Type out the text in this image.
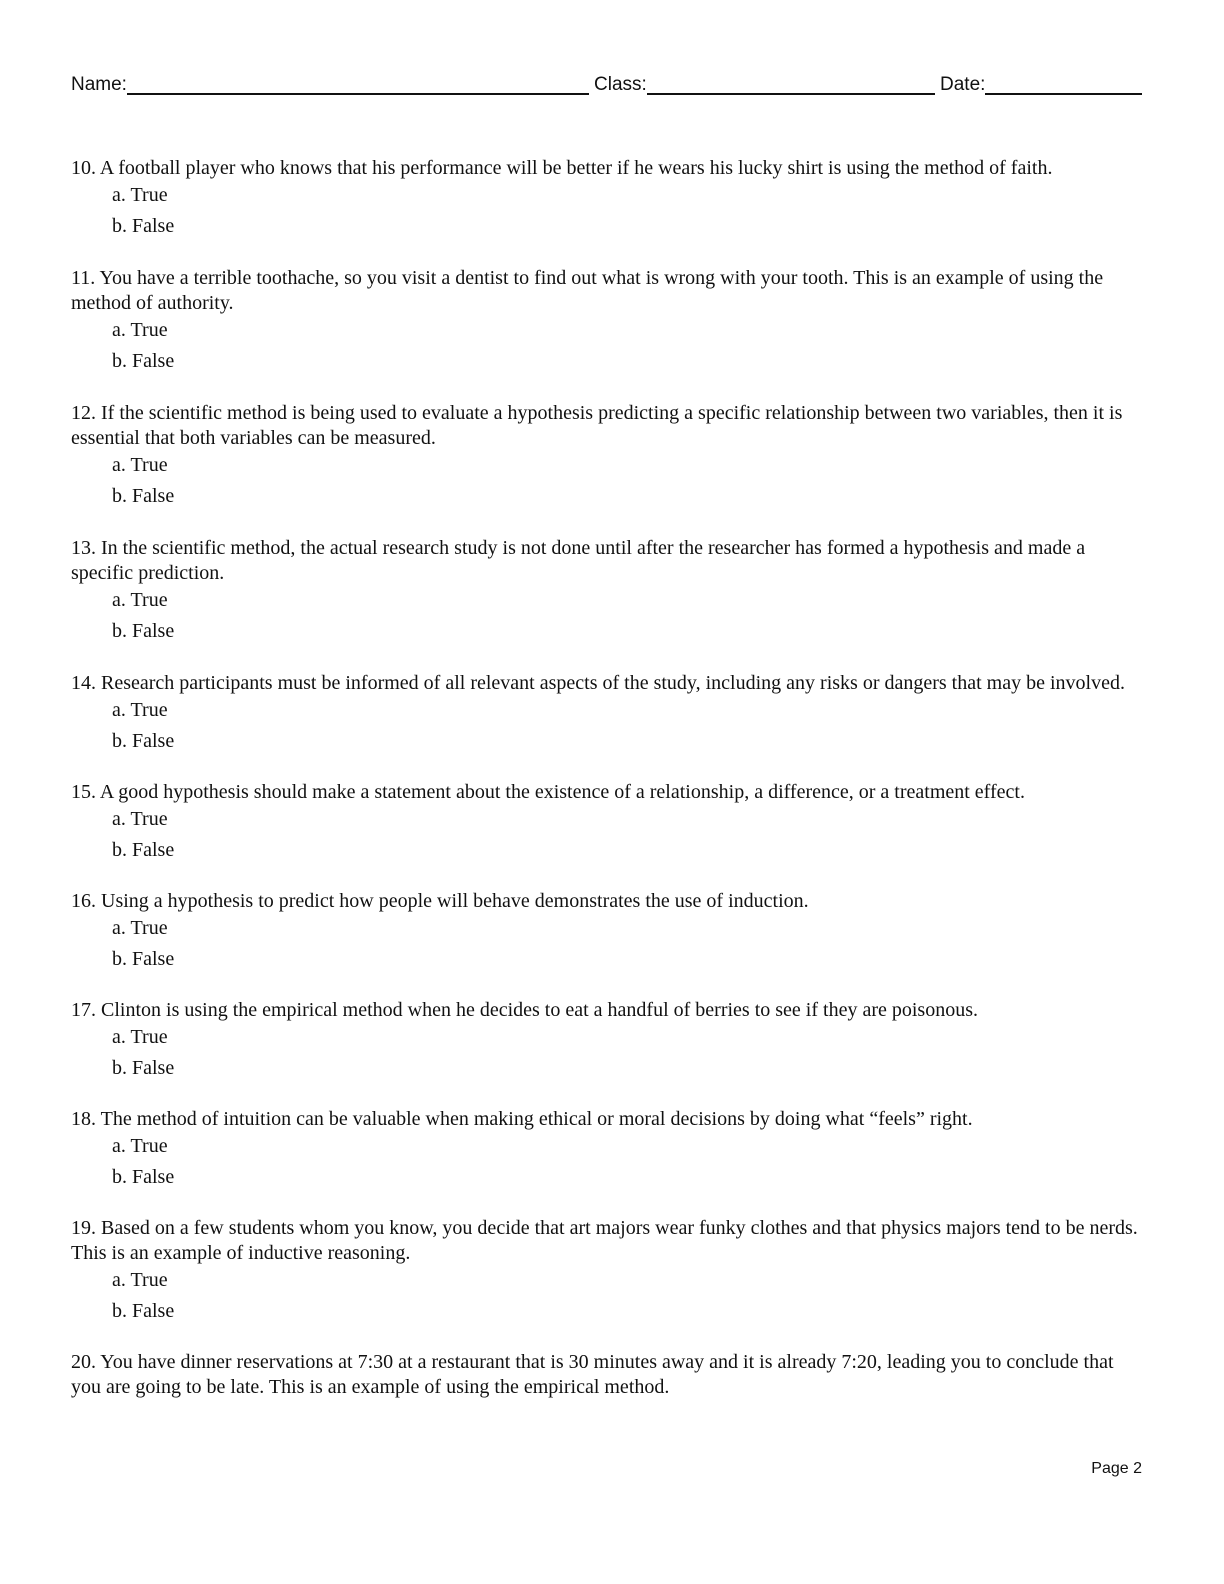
Name:	Class:	Date:

10. A football player who knows that his performance will be better if he wears his lucky shirt is using the method of faith.

a. True
b. False

11. You have a terrible toothache, so you visit a dentist to find out what is wrong with your tooth. This is an example of using the method of authority.

a. True
b. False

12. If the scientific method is being used to evaluate a hypothesis predicting a specific relationship between two variables, then it is essential that both variables can be measured.

a. True
b. False

13. In the scientific method, the actual research study is not done until after the researcher has formed a hypothesis and made a specific prediction.

a. True
b. False

14. Research participants must be informed of all relevant aspects of the study, including any risks or dangers that may be involved.

a. True
b. False

15. A good hypothesis should make a statement about the existence of a relationship, a difference, or a treatment effect.

a. True
b. False

16. Using a hypothesis to predict how people will behave demonstrates the use of induction.

a. True
b. False

17. Clinton is using the empirical method when he decides to eat a handful of berries to see if they are poisonous.

a. True
b. False

18. The method of intuition can be valuable when making ethical or moral decisions by doing what “feels” right.

a. True
b. False

19. Based on a few students whom you know, you decide that art majors wear funky clothes and that physics majors tend to be nerds. This is an example of inductive reasoning.

a. True
b. False

20. You have dinner reservations at 7:30 at a restaurant that is 30 minutes away and it is already 7:20, leading you to conclude that you are going to be late. This is an example of using the empirical method.

Page 2
